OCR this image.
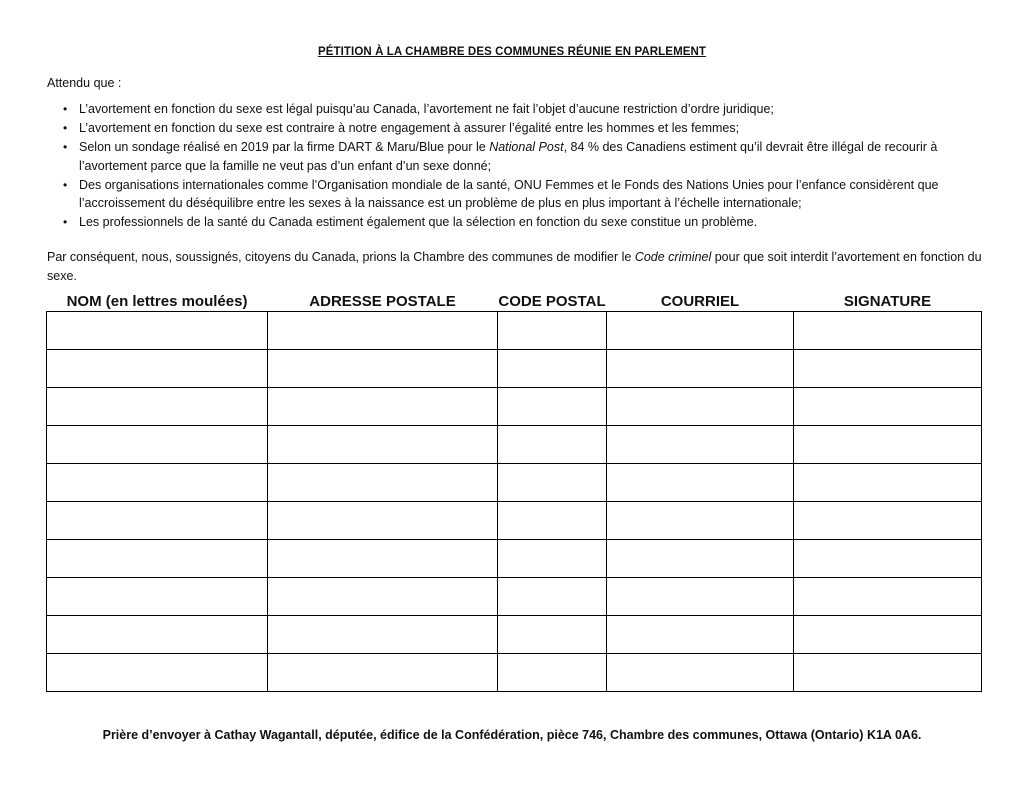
PÉTITION À LA CHAMBRE DES COMMUNES RÉUNIE EN PARLEMENT
Attendu que :
• L’avortement en fonction du sexe est légal puisqu’au Canada, l’avortement ne fait l’objet d’aucune restriction d’ordre juridique;
• L’avortement en fonction du sexe est contraire à notre engagement à assurer l’égalité entre les hommes et les femmes;
• Selon un sondage réalisé en 2019 par la firme DART & Maru/Blue pour le National Post, 84 % des Canadiens estiment qu’il devrait être illégal de recourir à l’avortement parce que la famille ne veut pas d’un enfant d’un sexe donné;
• Des organisations internationales comme l’Organisation mondiale de la santé, ONU Femmes et le Fonds des Nations Unies pour l’enfance considèrent que l’accroissement du déséquilibre entre les sexes à la naissance est un problème de plus en plus important à l’échelle internationale;
• Les professionnels de la santé du Canada estiment également que la sélection en fonction du sexe constitue un problème.
Par conséquent, nous, soussignés, citoyens du Canada, prions la Chambre des communes de modifier le Code criminel pour que soit interdit l’avortement en fonction du sexe.
NOM (en lettres moulées)	ADRESSE POSTALE	CODE POSTAL	COURRIEL	SIGNATURE

Prière d’envoyer à Cathay Wagantall, députée, édifice de la Confédération, pièce 746, Chambre des communes, Ottawa (Ontario) K1A 0A6.
